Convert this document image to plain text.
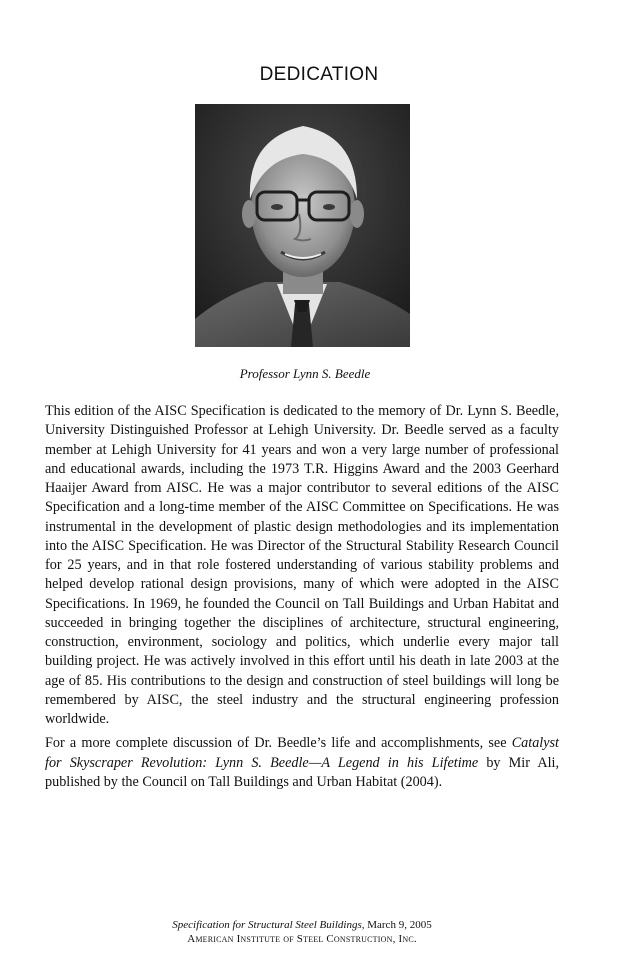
DEDICATION
Professor Lynn S. Beedle

This edition of the AISC Specification is dedicated to the memory of Dr. Lynn S. Beedle, University Distinguished Professor at Lehigh University. Dr. Beedle served as a faculty member at Lehigh University for 41 years and won a very large number of professional and educational awards, including the 1973 T.R. Higgins Award and the 2003 Geerhard Haaijer Award from AISC. He was a major contributor to several editions of the AISC Specification and a long-time member of the AISC Committee on Specifications. He was instrumental in the development of plastic design methodologies and its implementation into the AISC Specification. He was Director of the Structural Stability Research Council for 25 years, and in that role fostered understanding of various stability problems and helped develop rational design provisions, many of which were adopted in the AISC Specifications. In 1969, he founded the Council on Tall Buildings and Urban Habitat and succeeded in bringing together the disciplines of architecture, structural engineering, construction, environment, sociology and politics, which underlie every major tall building project. He was actively involved in this effort until his death in late 2003 at the age of 85. His contributions to the design and construction of steel buildings will long be remembered by AISC, the steel industry and the structural engineering profession worldwide.

For a more complete discussion of Dr. Beedle’s life and accomplishments, see Catalyst for Skyscraper Revolution: Lynn S. Beedle—A Legend in his Lifetime by Mir Ali, published by the Council on Tall Buildings and Urban Habitat (2004).

Specification for Structural Steel Buildings, March 9, 2005
American Institute of Steel Construction, Inc.
